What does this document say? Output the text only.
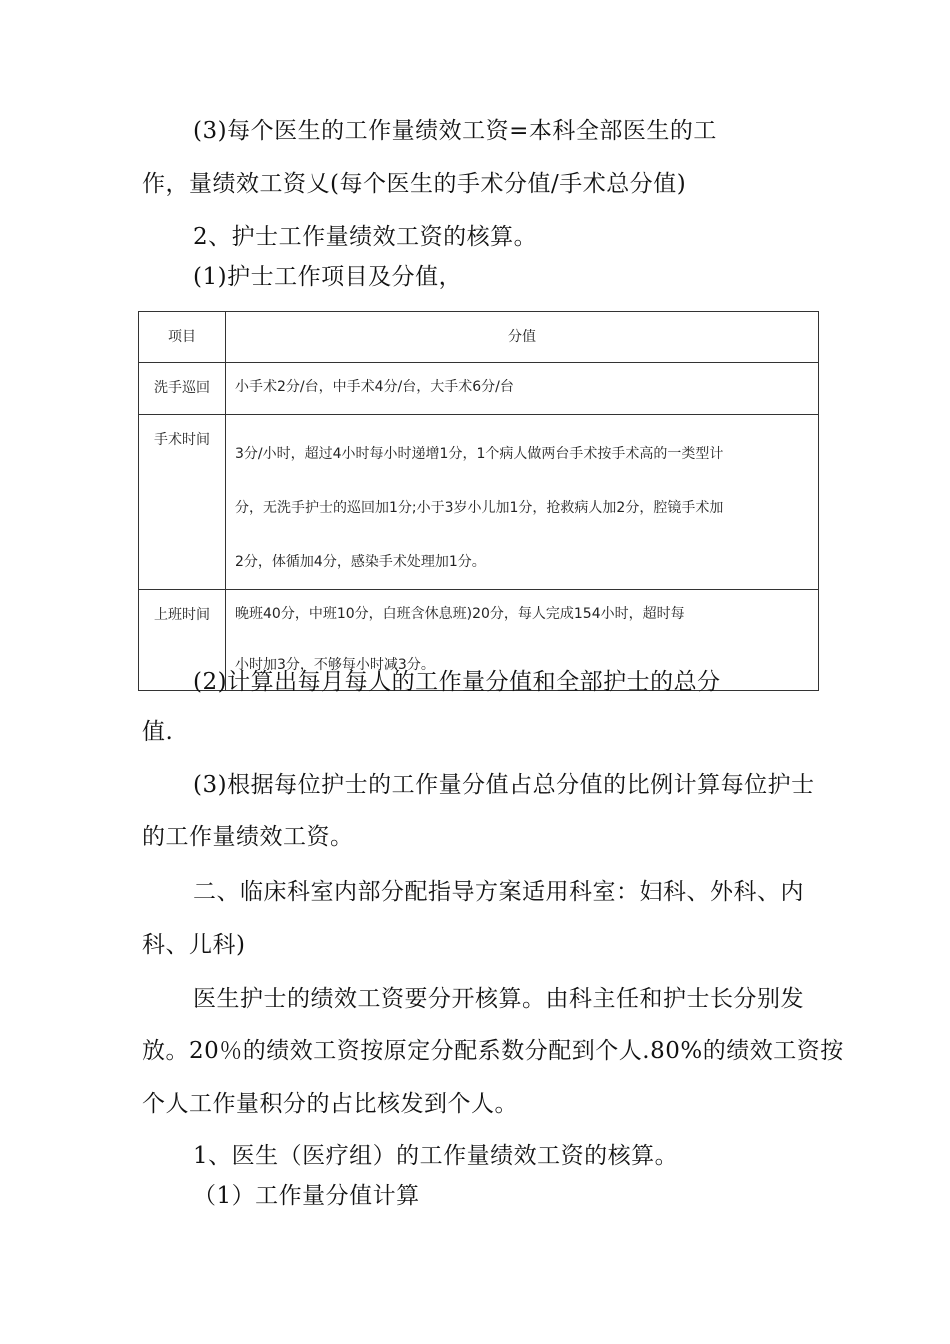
(3)每个医生的工作量绩效工资=本科全部医生的工
作，量绩效工资乂(每个医生的手术分值/手术总分值)
2、护士工作量绩效工资的核算。
(1)护士工作项目及分值，
项目	分值
洗手巡回	小手术2分/台，中手术4分/台，大手术6分/台

手术时间	3分/小时，超过4小时每小时递增1分，1个病人做两台手术按手术高的一类型计
分，无洗手护士的巡回加1分;小于3岁小儿加1分，抢救病人加2分，腔镜手术加
2分，体循加4分，感染手术处理加1分。

上班时间	晚班40分，中班10分，白班含休息班)20分，每人完成154小时，超时每
小时加3分，不够每小时减3分。
(2)计算出每月每人的工作量分值和全部护士的总分
值.
(3)根据每位护士的工作量分值占总分值的比例计算每位护士
的工作量绩效工资。
二、临床科室内部分配指导方案适用科室：妇科、外科、内
科、儿科)
医生护士的绩效工资要分开核算。由科主任和护士长分别发
放。20％的绩效工资按原定分配系数分配到个人.80%的绩效工资按
个人工作量积分的占比核发到个人。
1、医生（医疗组）的工作量绩效工资的核算。
（1）工作量分值计算
